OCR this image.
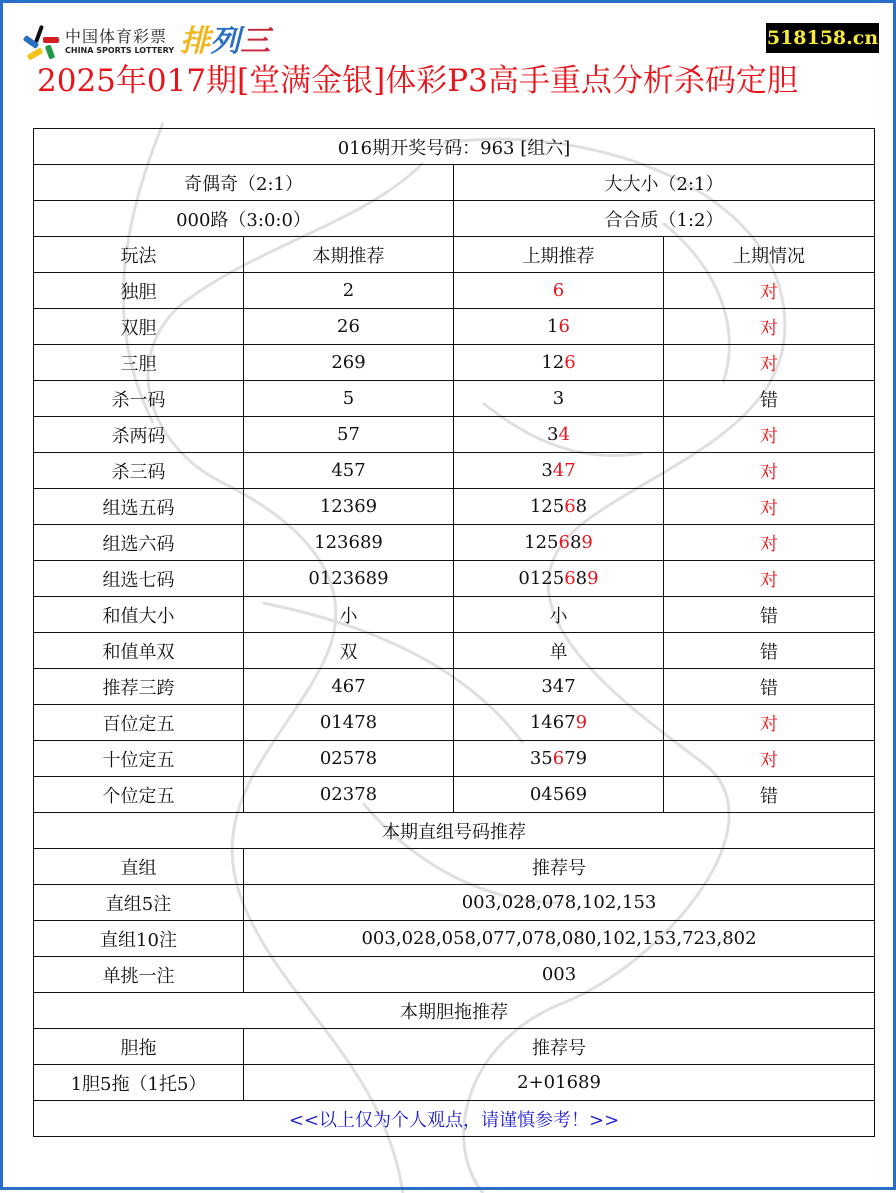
中国体育彩票
CHINA SPORTS LOTTERY 排列三	518158.cn
2025年017期[堂满金银]体彩P3高手重点分析杀码定胆
016期开奖号码：963 [组六]			
奇偶奇（2:1）		大大小（2:1）	
000路（3:0:0）		合合质（1:2）	
玩法	本期推荐	上期推荐	上期情况
独胆	2	6	对
双胆	26	16	对
三胆	269	126	对
杀一码	5	3	错
杀两码	57	34	对
杀三码	457	347	对
组选五码	12369	12568	对
组选六码	123689	125689	对
组选七码	0123689	0125689	对
和值大小	小	小	错
和值单双	双	单	错
推荐三跨	467	347	错
百位定五	01478	14679	对
十位定五	02578	35679	对
个位定五	02378	04569	错
本期直组号码推荐			
直组	推荐号		
直组5注	003,028,078,102,153		
直组10注	003,028,058,077,078,080,102,153,723,802		
单挑一注	003		
本期胆拖推荐			
胆拖	推荐号		
1胆5拖（1托5）	2+01689		
<<以上仅为个人观点，请谨慎参考！>>			
